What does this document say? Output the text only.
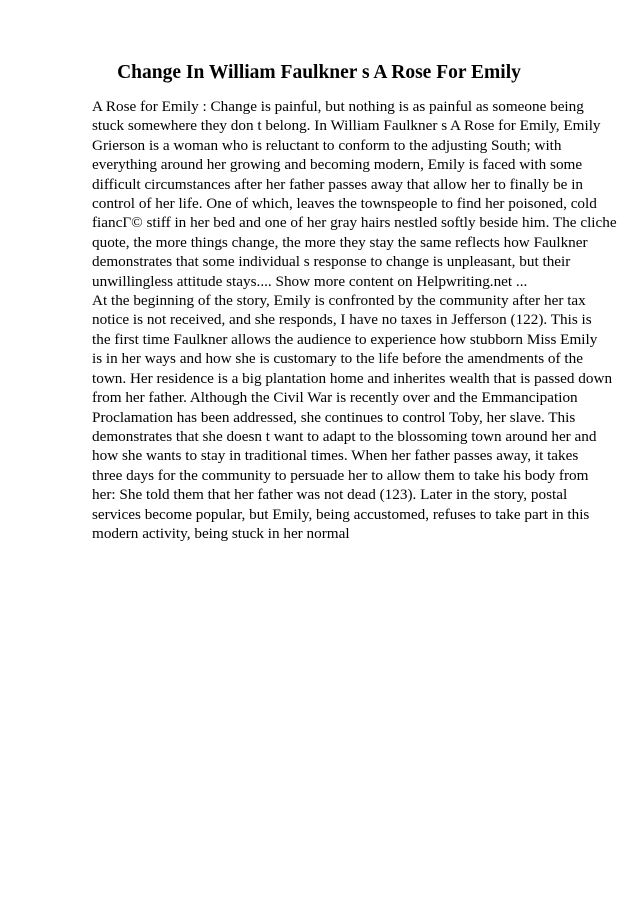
Change In William Faulkner s A Rose For Emily
A Rose for Emily : Change is painful, but nothing is as painful as someone being
stuck somewhere they don t belong. In William Faulkner s A Rose for Emily, Emily
Grierson is a woman who is reluctant to conform to the adjusting South; with
everything around her growing and becoming modern, Emily is faced with some
difficult circumstances after her father passes away that allow her to finally be in
control of her life. One of which, leaves the townspeople to find her poisoned, cold
fiancГ© stiff in her bed and one of her gray hairs nestled softly beside him. The cliche
quote, the more things change, the more they stay the same reflects how Faulkner
demonstrates that some individual s response to change is unpleasant, but their
unwillingless attitude stays.... Show more content on Helpwriting.net ...
At the beginning of the story, Emily is confronted by the community after her tax
notice is not received, and she responds, I have no taxes in Jefferson (122). This is
the first time Faulkner allows the audience to experience how stubborn Miss Emily
is in her ways and how she is customary to the life before the amendments of the
town. Her residence is a big plantation home and inherites wealth that is passed down
from her father. Although the Civil War is recently over and the Emmancipation
Proclamation has been addressed, she continues to control Toby, her slave. This
demonstrates that she doesn t want to adapt to the blossoming town around her and
how she wants to stay in traditional times. When her father passes away, it takes
three days for the community to persuade her to allow them to take his body from
her: She told them that her father was not dead (123). Later in the story, postal
services become popular, but Emily, being accustomed, refuses to take part in this
modern activity, being stuck in her normal
